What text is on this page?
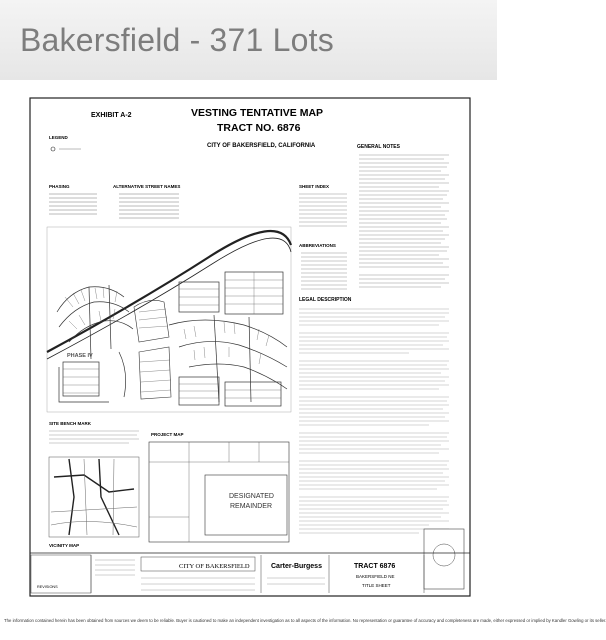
Bakersfield - 371 Lots
EXHIBIT A-2	VESTING TENTATIVE MAP
TRACT NO. 6876
CITY OF BAKERSFIELD, CALIFORNIA
LEGEND
PHASING	ALTERNATIVE STREET NAMES
GENERAL NOTES
SHEET INDEX
ABBREVIATIONS
LEGAL DESCRIPTION
PHASE IV
SITE BENCH MARK
PROJECT MAP
DESIGNATED
REMAINDER
VICINITY MAP
REVISIONS
CITY OF BAKERSFIELD	Carter-Burgess	TRACT 6876
BAKERSFIELD NE
TITLE SHEET
The information contained herein has been obtained from sources we deem to be reliable. Buyer is cautioned to make an independent investigation as to all aspects of the information. No representation or guarantee of accuracy and completeness are made, either expressed or implied by Kandler Gowling or its seller.
